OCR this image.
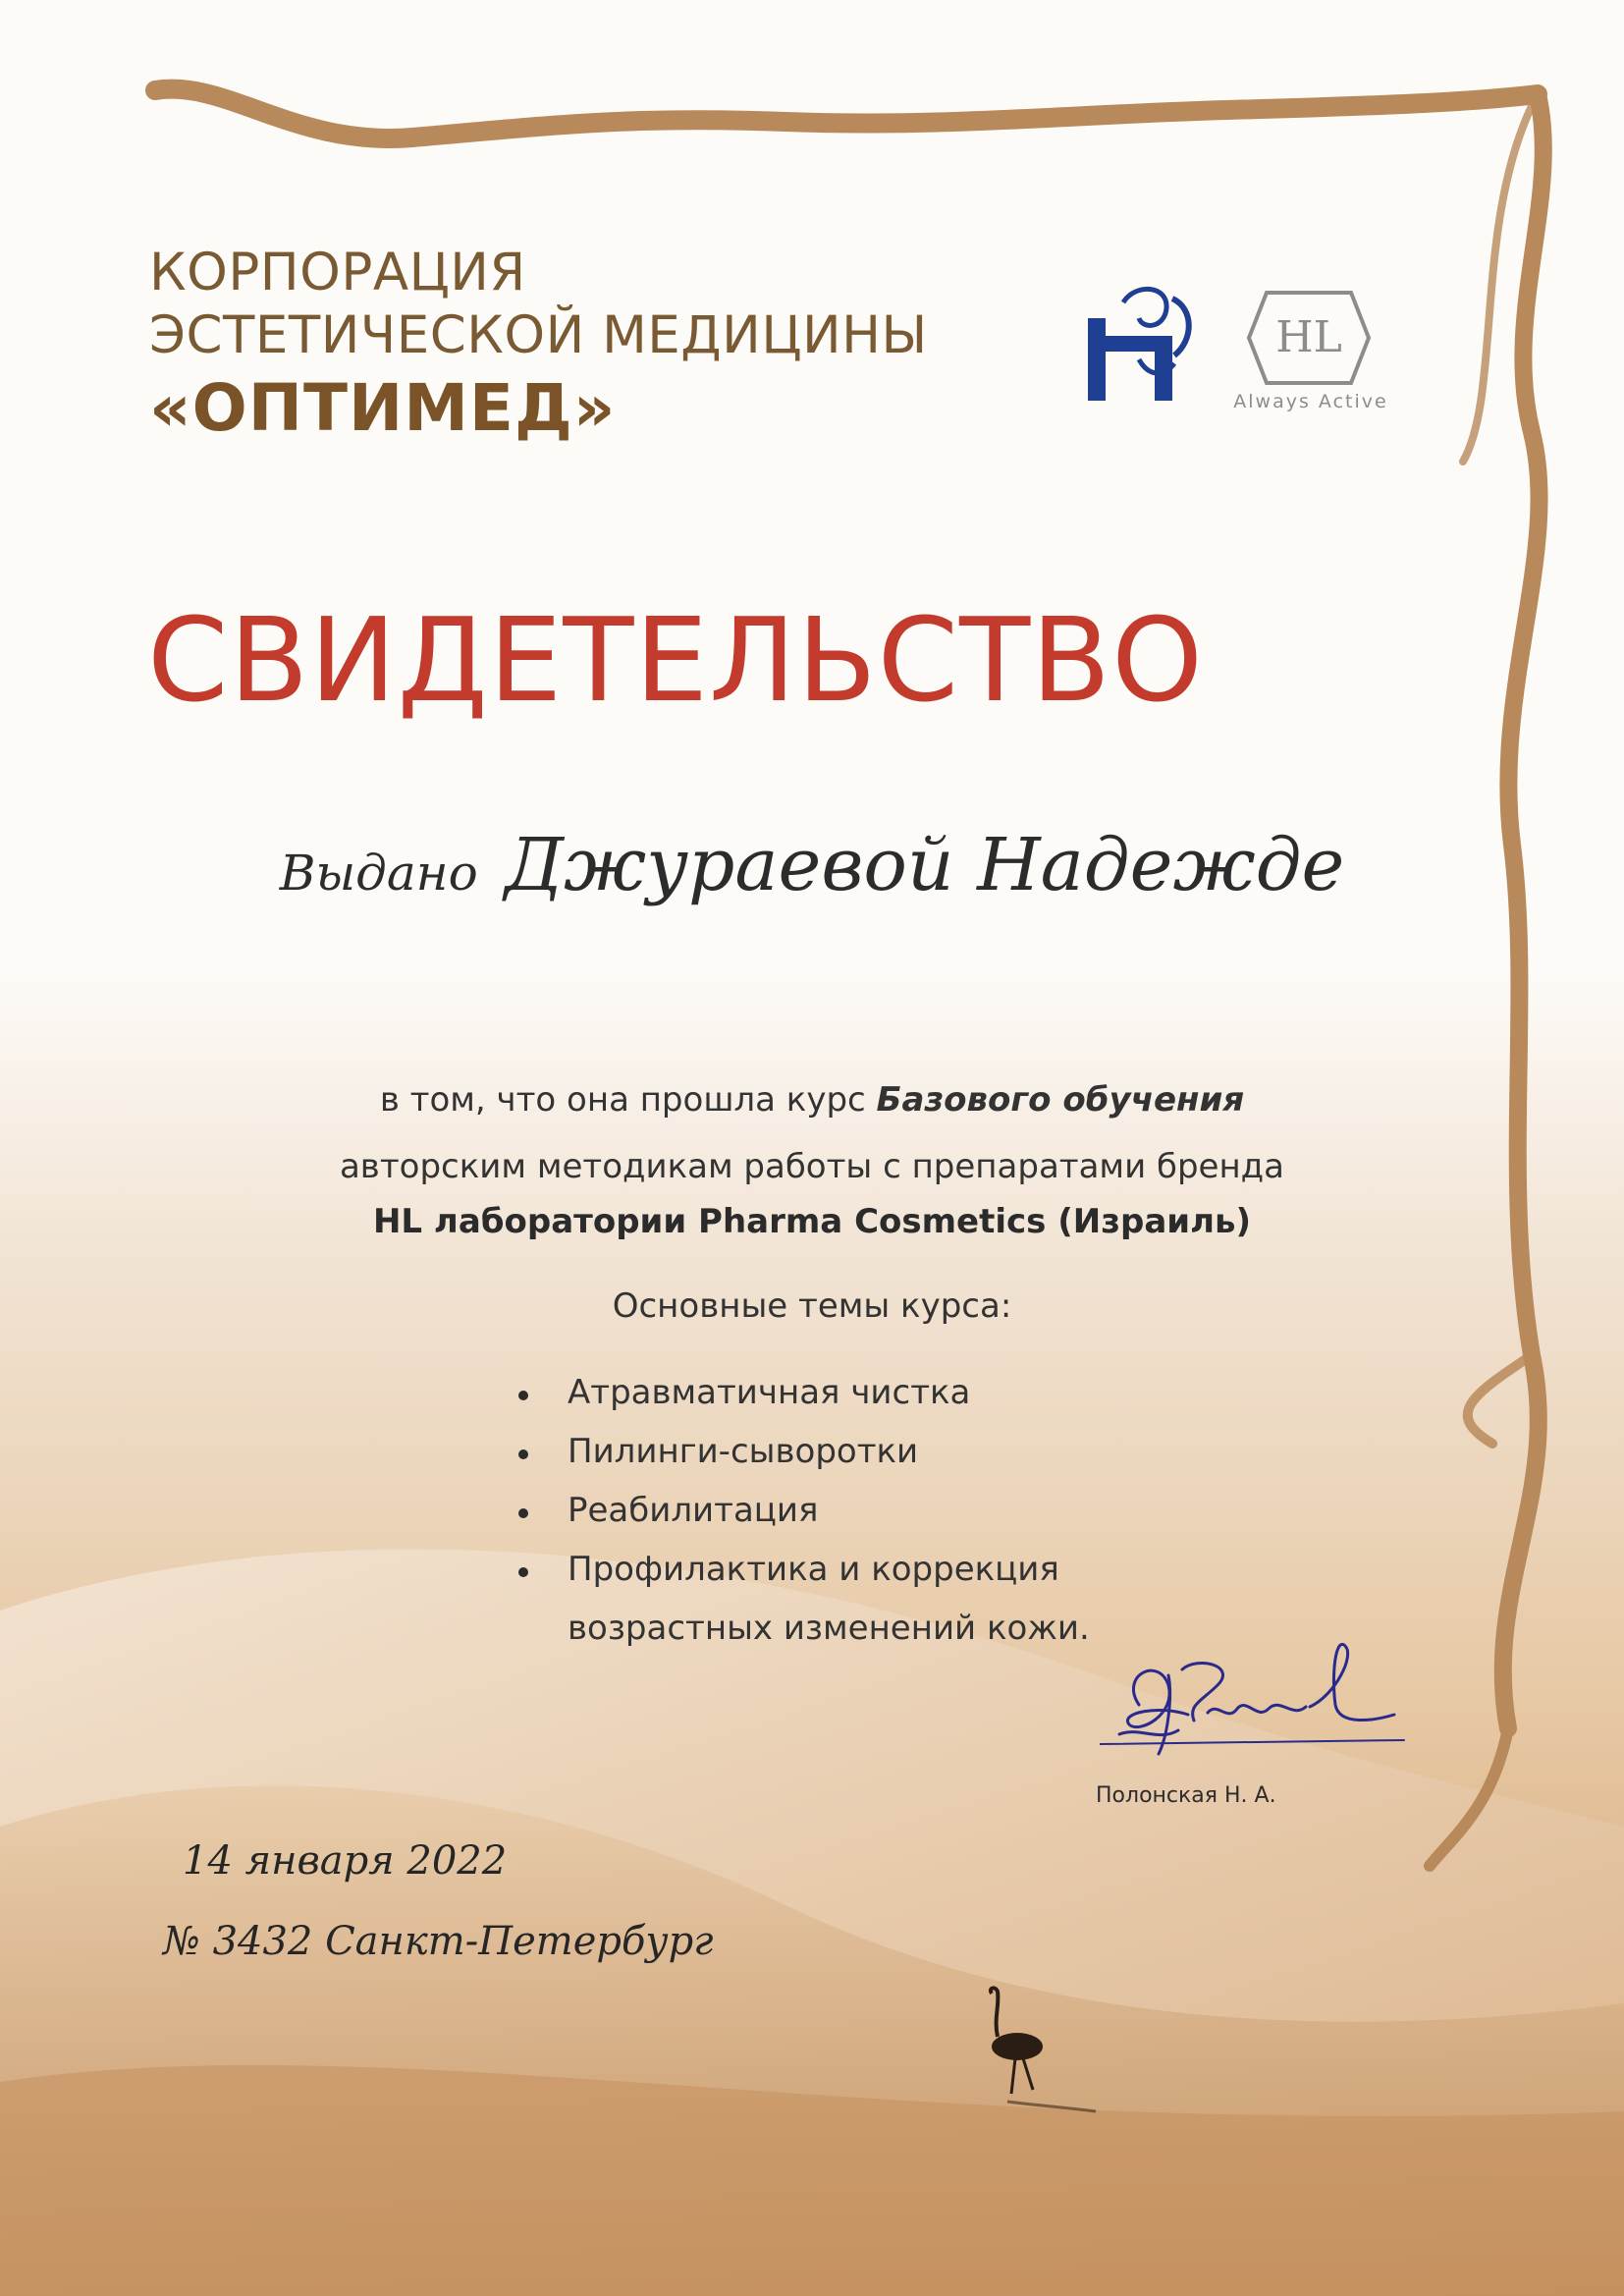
КОРПОРАЦИЯ
ЭСТЕТИЧЕСКОЙ МЕДИЦИНЫ
«ОПТИМЕД»
HL
Always Active
СВИДЕТЕЛЬСТВО
Выдано Джураевой Надежде
в том, что она прошла курс Базового обучения
авторским методикам работы с препаратами бренда
HL лаборатории Pharma Cosmetics (Израиль)
Основные темы курса:
Атравматичная чистка
Пилинги-сыворотки
Реабилитация
Профилактика и коррекция
возрастных изменений кожи.
Полонская Н. А.
14 января 2022
№ 3432 Санкт-Петербург
